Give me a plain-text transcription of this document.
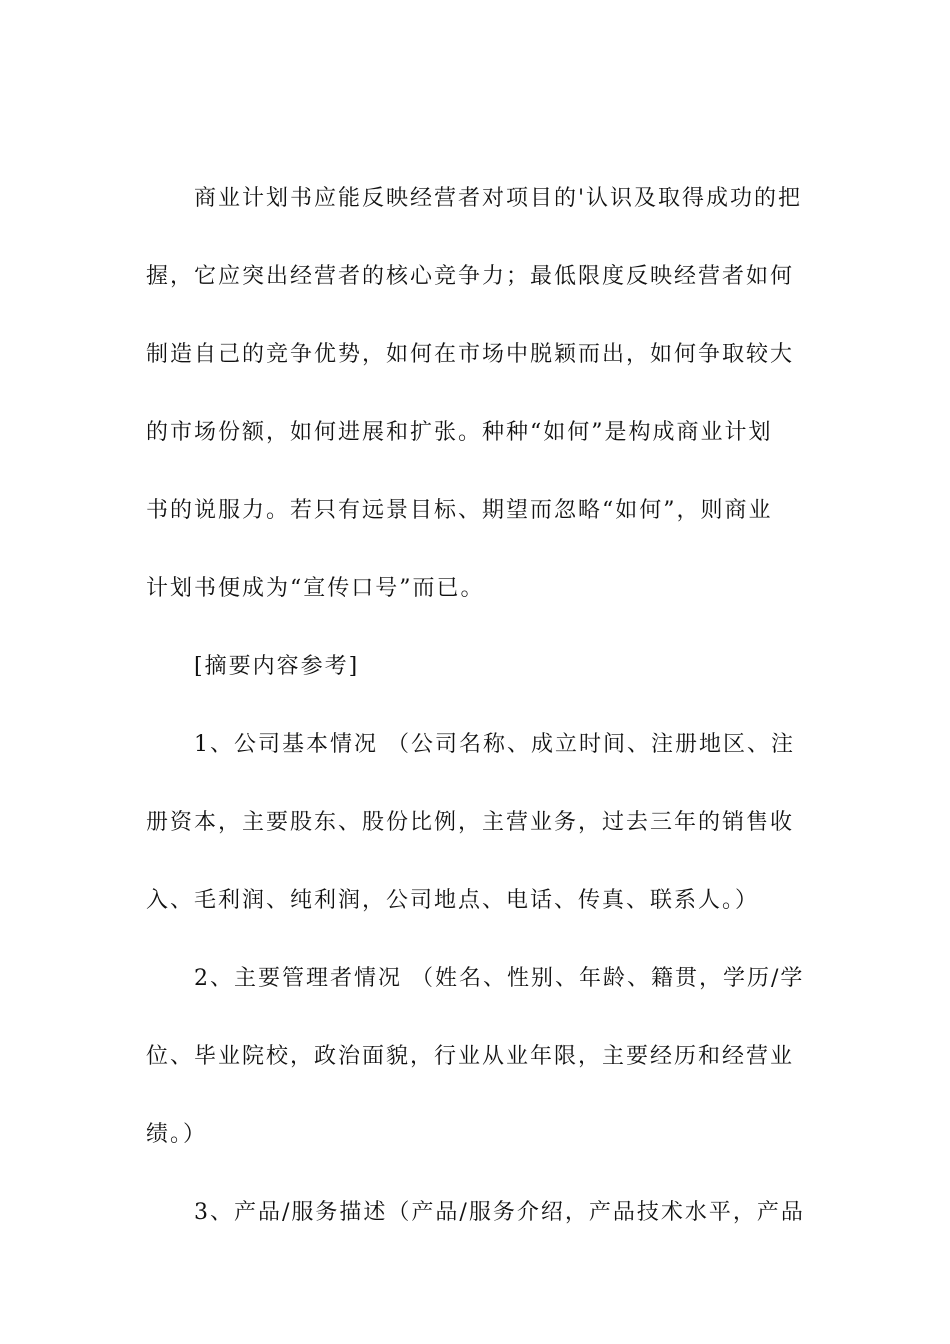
商业计划书应能反映经营者对项目的'认识及取得成功的把
握，它应突出经营者的核心竞争力；最低限度反映经营者如何
制造自己的竞争优势，如何在市场中脱颖而出，如何争取较大
的市场份额，如何进展和扩张。种种“如何”是构成商业计划
书的说服力。若只有远景目标、期望而忽略“如何”，则商业
计划书便成为“宣传口号”而已。
[摘要内容参考]
1、公司基本情况 （公司名称、成立时间、注册地区、注
册资本，主要股东、股份比例，主营业务，过去三年的销售收
入、毛利润、纯利润，公司地点、电话、传真、联系人。）
2、主要管理者情况 （姓名、性别、年龄、籍贯，学历/学
位、毕业院校，政治面貌，行业从业年限，主要经历和经营业
绩。）
3、产品/服务描述（产品/服务介绍，产品技术水平，产品
